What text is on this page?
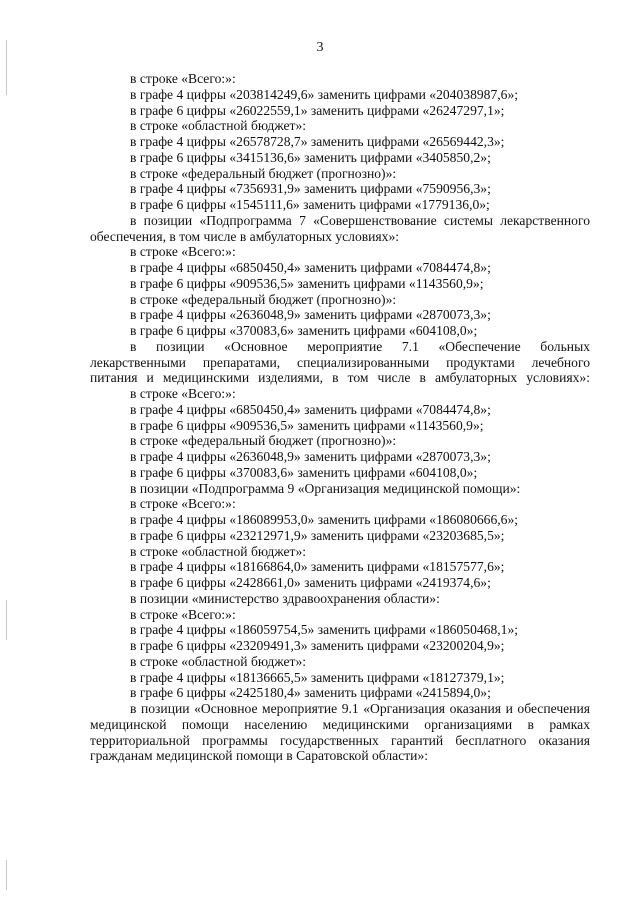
3
в строке «Всего:»:
в графе 4 цифры «203814249,6» заменить цифрами «204038987,6»;
в графе 6 цифры «26022559,1» заменить цифрами «26247297,1»;
в строке «областной бюджет»:
в графе 4 цифры «26578728,7» заменить цифрами «26569442,3»;
в графе 6 цифры «3415136,6» заменить цифрами «3405850,2»;
в строке «федеральный бюджет (прогнозно)»:
в графе 4 цифры «7356931,9» заменить цифрами «7590956,3»;
в графе 6 цифры «1545111,6» заменить цифрами «1779136,0»;
в позиции «Подпрограмма 7 «Совершенствование системы лекарственного
обеспечения, в том числе в амбулаторных условиях»:
в строке «Всего:»:
в графе 4 цифры «6850450,4» заменить цифрами «7084474,8»;
в графе 6 цифры «909536,5» заменить цифрами «1143560,9»;
в строке «федеральный бюджет (прогнозно)»:
в графе 4 цифры «2636048,9» заменить цифрами «2870073,3»;
в графе 6 цифры «370083,6» заменить цифрами «604108,0»;
в позиции «Основное мероприятие 7.1 «Обеспечение больных
лекарственными препаратами, специализированными продуктами лечебного
питания и медицинскими изделиями, в том числе в амбулаторных условиях»:
в строке «Всего:»:
в графе 4 цифры «6850450,4» заменить цифрами «7084474,8»;
в графе 6 цифры «909536,5» заменить цифрами «1143560,9»;
в строке «федеральный бюджет (прогнозно)»:
в графе 4 цифры «2636048,9» заменить цифрами «2870073,3»;
в графе 6 цифры «370083,6» заменить цифрами «604108,0»;
в позиции «Подпрограмма 9 «Организация медицинской помощи»:
в строке «Всего:»:
в графе 4 цифры «186089953,0» заменить цифрами «186080666,6»;
в графе 6 цифры «23212971,9» заменить цифрами «23203685,5»;
в строке «областной бюджет»:
в графе 4 цифры «18166864,0» заменить цифрами «18157577,6»;
в графе 6 цифры «2428661,0» заменить цифрами «2419374,6»;
в позиции «министерство здравоохранения области»:
в строке «Всего:»:
в графе 4 цифры «186059754,5» заменить цифрами «186050468,1»;
в графе 6 цифры «23209491,3» заменить цифрами «23200204,9»;
в строке «областной бюджет»:
в графе 4 цифры «18136665,5» заменить цифрами «18127379,1»;
в графе 6 цифры «2425180,4» заменить цифрами «2415894,0»;
в позиции «Основное мероприятие 9.1 «Организация оказания и обеспечения
медицинской помощи населению медицинскими организациями в рамках
территориальной программы государственных гарантий бесплатного оказания
гражданам медицинской помощи в Саратовской области»:
